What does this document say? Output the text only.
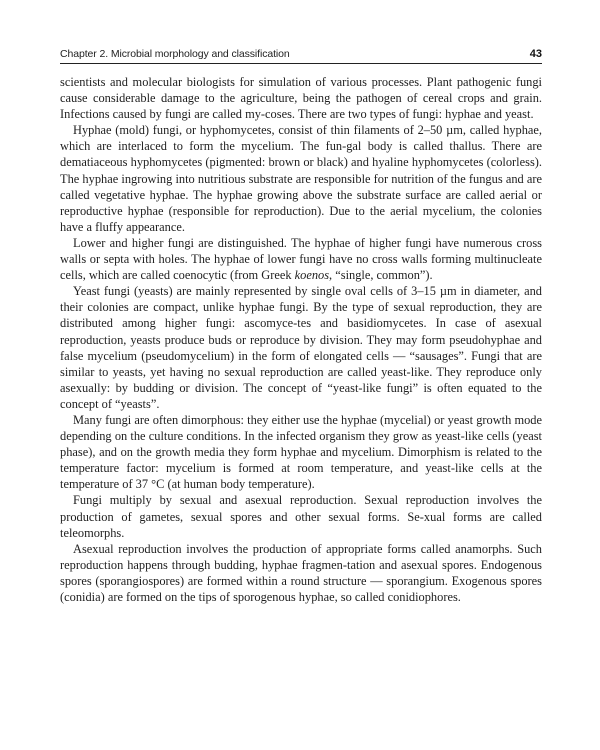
Chapter 2. Microbial morphology and classification	43

scientists and molecular biologists for simulation of various processes. Plant pathogenic fungi cause considerable damage to the agriculture, being the pathogen of cereal crops and grain. Infections caused by fungi are called my-coses. There are two types of fungi: hyphae and yeast.

Hyphae (mold) fungi, or hyphomycetes, consist of thin filaments of 2–50 µm, called hyphae, which are interlaced to form the mycelium. The fun-gal body is called thallus. There are dematiaceous hyphomycetes (pigmented: brown or black) and hyaline hyphomycetes (colorless). The hyphae ingrowing into nutritious substrate are responsible for nutrition of the fungus and are called vegetative hyphae. The hyphae growing above the substrate surface are called aerial or reproductive hyphae (responsible for reproduction). Due to the aerial mycelium, the colonies have a fluffy appearance.

Lower and higher fungi are distinguished. The hyphae of higher fungi have numerous cross walls or septa with holes. The hyphae of lower fungi have no cross walls forming multinucleate cells, which are called coenocytic (from Greek koenos, “single, common”).

Yeast fungi (yeasts) are mainly represented by single oval cells of 3–15 µm in diameter, and their colonies are compact, unlike hyphae fungi. By the type of sexual reproduction, they are distributed among higher fungi: ascomyce-tes and basidiomycetes. In case of asexual reproduction, yeasts produce buds or reproduce by division. They may form pseudohyphae and false mycelium (pseudomycelium) in the form of elongated cells — “sausages”. Fungi that are similar to yeasts, yet having no sexual reproduction are called yeast-like. They reproduce only asexually: by budding or division. The concept of “yeast-like fungi” is often equated to the concept of “yeasts”.

Many fungi are often dimorphous: they either use the hyphae (mycelial) or yeast growth mode depending on the culture conditions. In the infected organism they grow as yeast-like cells (yeast phase), and on the growth media they form hyphae and mycelium. Dimorphism is related to the temperature factor: mycelium is formed at room temperature, and yeast-like cells at the temperature of 37 °C (at human body temperature).

Fungi multiply by sexual and asexual reproduction. Sexual reproduction involves the production of gametes, sexual spores and other sexual forms. Se-xual forms are called teleomorphs.

Asexual reproduction involves the production of appropriate forms called anamorphs. Such reproduction happens through budding, hyphae fragmen-tation and asexual spores. Endogenous spores (sporangiospores) are formed within a round structure — sporangium. Exogenous spores (conidia) are formed on the tips of sporogenous hyphae, so called conidiophores.
